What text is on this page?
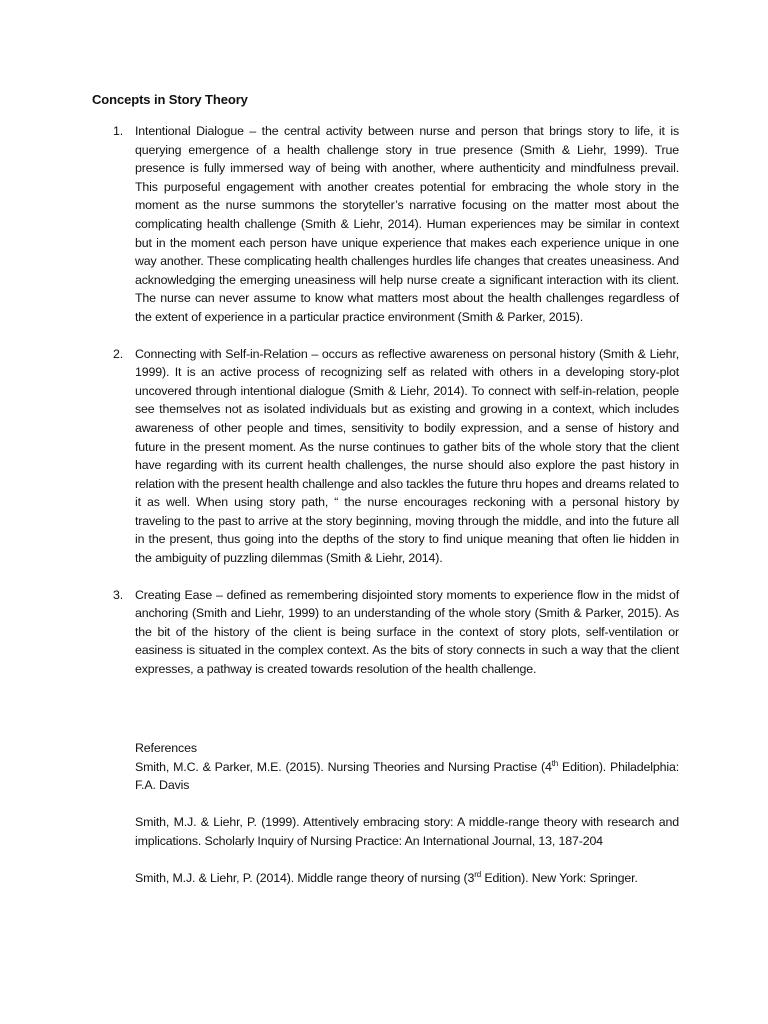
Concepts in Story Theory
1. Intentional Dialogue – the central activity between nurse and person that brings story to life, it is querying emergence of a health challenge story in true presence (Smith & Liehr, 1999). True presence is fully immersed way of being with another, where authenticity and mindfulness prevail. This purposeful engagement with another creates potential for embracing the whole story in the moment as the nurse summons the storyteller’s narrative focusing on the matter most about the complicating health challenge (Smith & Liehr, 2014). Human experiences may be similar in context but in the moment each person have unique experience that makes each experience unique in one way another. These complicating health challenges hurdles life changes that creates uneasiness. And acknowledging the emerging uneasiness will help nurse create a significant interaction with its client. The nurse can never assume to know what matters most about the health challenges regardless of the extent of experience in a particular practice environment (Smith & Parker, 2015).
2. Connecting with Self-in-Relation – occurs as reflective awareness on personal history (Smith & Liehr, 1999). It is an active process of recognizing self as related with others in a developing story-plot uncovered through intentional dialogue (Smith & Liehr, 2014). To connect with self-in-relation, people see themselves not as isolated individuals but as existing and growing in a context, which includes awareness of other people and times, sensitivity to bodily expression, and a sense of history and future in the present moment. As the nurse continues to gather bits of the whole story that the client have regarding with its current health challenges, the nurse should also explore the past history in relation with the present health challenge and also tackles the future thru hopes and dreams related to it as well. When using story path, “ the nurse encourages reckoning with a personal history by traveling to the past to arrive at the story beginning, moving through the middle, and into the future all in the present, thus going into the depths of the story to find unique meaning that often lie hidden in the ambiguity of puzzling dilemmas (Smith & Liehr, 2014).
3. Creating Ease – defined as remembering disjointed story moments to experience flow in the midst of anchoring (Smith and Liehr, 1999) to an understanding of the whole story (Smith & Parker, 2015). As the bit of the history of the client is being surface in the context of story plots, self-ventilation or easiness is situated in the complex context. As the bits of story connects in such a way that the client expresses, a pathway is created towards resolution of the health challenge.

References

Smith, M.C. & Parker, M.E. (2015). Nursing Theories and Nursing Practise (4th Edition). Philadelphia: F.A. Davis

Smith, M.J. & Liehr, P. (1999). Attentively embracing story: A middle-range theory with research and implications. Scholarly Inquiry of Nursing Practice: An International Journal, 13, 187-204

Smith, M.J. & Liehr, P. (2014). Middle range theory of nursing (3rd Edition). New York: Springer.
